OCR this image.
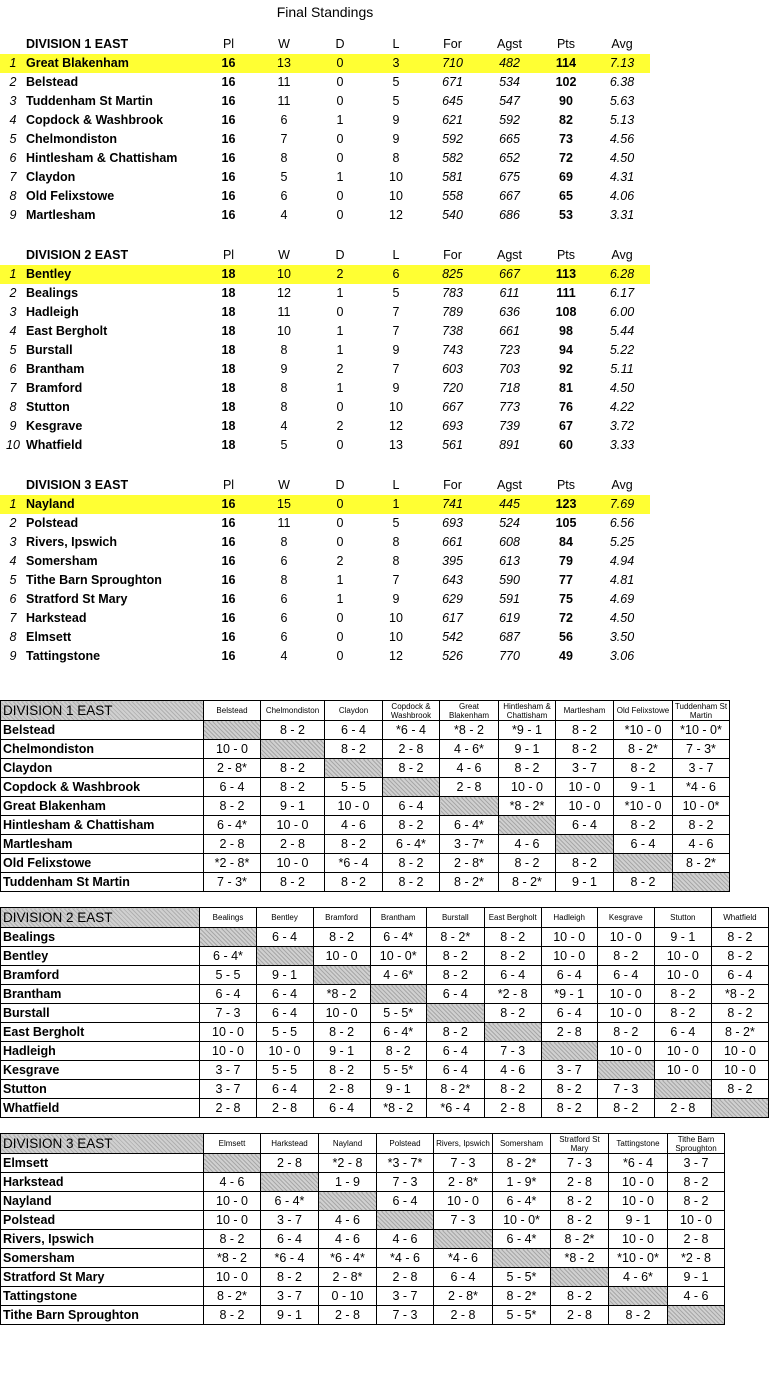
Final Standings
	DIVISION 1 EAST	Pl	W	D	L	For	Agst	Pts	Avg
1	Great Blakenham	16	13	0	3	710	482	114	7.13
2	Belstead	16	11	0	5	671	534	102	6.38
3	Tuddenham St Martin	16	11	0	5	645	547	90	5.63
4	Copdock & Washbrook	16	6	1	9	621	592	82	5.13
5	Chelmondiston	16	7	0	9	592	665	73	4.56
6	Hintlesham & Chattisham	16	8	0	8	582	652	72	4.50
7	Claydon	16	5	1	10	581	675	69	4.31
8	Old Felixstowe	16	6	0	10	558	667	65	4.06
9	Martlesham	16	4	0	12	540	686	53	3.31
	DIVISION 2 EAST	Pl	W	D	L	For	Agst	Pts	Avg
1	Bentley	18	10	2	6	825	667	113	6.28
2	Bealings	18	12	1	5	783	611	111	6.17
3	Hadleigh	18	11	0	7	789	636	108	6.00
4	East Bergholt	18	10	1	7	738	661	98	5.44
5	Burstall	18	8	1	9	743	723	94	5.22
6	Brantham	18	9	2	7	603	703	92	5.11
7	Bramford	18	8	1	9	720	718	81	4.50
8	Stutton	18	8	0	10	667	773	76	4.22
9	Kesgrave	18	4	2	12	693	739	67	3.72
10	Whatfield	18	5	0	13	561	891	60	3.33
	DIVISION 3 EAST	Pl	W	D	L	For	Agst	Pts	Avg
1	Nayland	16	15	0	1	741	445	123	7.69
2	Polstead	16	11	0	5	693	524	105	6.56
3	Rivers, Ipswich	16	8	0	8	661	608	84	5.25
4	Somersham	16	6	2	8	395	613	79	4.94
5	Tithe Barn Sproughton	16	8	1	7	643	590	77	4.81
6	Stratford St Mary	16	6	1	9	629	591	75	4.69
7	Harkstead	16	6	0	10	617	619	72	4.50
8	Elmsett	16	6	0	10	542	687	56	3.50
9	Tattingstone	16	4	0	12	526	770	49	3.06
DIVISION 1 EAST	Belstead	Chelmondiston	Claydon	Copdock & Washbrook	Great Blakenham	Hintlesham & Chattisham	Martlesham	Old Felixstowe	Tuddenham St Martin
Belstead		8 - 2	6 - 4	*6 - 4	*8 - 2	*9 - 1	8 - 2	*10 - 0	*10 - 0*
Chelmondiston	10 - 0		8 - 2	2 - 8	4 - 6*	9 - 1	8 - 2	8 - 2*	7 - 3*
Claydon	2 - 8*	8 - 2		8 - 2	4 - 6	8 - 2	3 - 7	8 - 2	3 - 7
Copdock & Washbrook	6 - 4	8 - 2	5 - 5		2 - 8	10 - 0	10 - 0	9 - 1	*4 - 6
Great Blakenham	8 - 2	9 - 1	10 - 0	6 - 4		*8 - 2*	10 - 0	*10 - 0	10 - 0*
Hintlesham & Chattisham	6 - 4*	10 - 0	4 - 6	8 - 2	6 - 4*		6 - 4	8 - 2	8 - 2
Martlesham	2 - 8	2 - 8	8 - 2	6 - 4*	3 - 7*	4 - 6		6 - 4	4 - 6
Old Felixstowe	*2 - 8*	10 - 0	*6 - 4	8 - 2	2 - 8*	8 - 2	8 - 2		8 - 2*
Tuddenham St Martin	7 - 3*	8 - 2	8 - 2	8 - 2	8 - 2*	8 - 2*	9 - 1	8 - 2	
DIVISION 2 EAST	Bealings	Bentley	Bramford	Brantham	Burstall	East Bergholt	Hadleigh	Kesgrave	Stutton	Whatfield
Bealings		6 - 4	8 - 2	6 - 4*	8 - 2*	8 - 2	10 - 0	10 - 0	9 - 1	8 - 2
Bentley	6 - 4*		10 - 0	10 - 0*	8 - 2	8 - 2	10 - 0	8 - 2	10 - 0	8 - 2
Bramford	5 - 5	9 - 1		4 - 6*	8 - 2	6 - 4	6 - 4	6 - 4	10 - 0	6 - 4
Brantham	6 - 4	6 - 4	*8 - 2		6 - 4	*2 - 8	*9 - 1	10 - 0	8 - 2	*8 - 2
Burstall	7 - 3	6 - 4	10 - 0	5 - 5*		8 - 2	6 - 4	10 - 0	8 - 2	8 - 2
East Bergholt	10 - 0	5 - 5	8 - 2	6 - 4*	8 - 2		2 - 8	8 - 2	6 - 4	8 - 2*
Hadleigh	10 - 0	10 - 0	9 - 1	8 - 2	6 - 4	7 - 3		10 - 0	10 - 0	10 - 0
Kesgrave	3 - 7	5 - 5	8 - 2	5 - 5*	6 - 4	4 - 6	3 - 7		10 - 0	10 - 0
Stutton	3 - 7	6 - 4	2 - 8	9 - 1	8 - 2*	8 - 2	8 - 2	7 - 3		8 - 2
Whatfield	2 - 8	2 - 8	6 - 4	*8 - 2	*6 - 4	2 - 8	8 - 2	8 - 2	2 - 8	
DIVISION 3 EAST	Elmsett	Harkstead	Nayland	Polstead	Rivers, Ipswich	Somersham	Stratford St Mary	Tattingstone	Tithe Barn Sproughton
Elmsett		2 - 8	*2 - 8	*3 - 7*	7 - 3	8 - 2*	7 - 3	*6 - 4	3 - 7
Harkstead	4 - 6		1 - 9	7 - 3	2 - 8*	1 - 9*	2 - 8	10 - 0	8 - 2
Nayland	10 - 0	6 - 4*		6 - 4	10 - 0	6 - 4*	8 - 2	10 - 0	8 - 2
Polstead	10 - 0	3 - 7	4 - 6		7 - 3	10 - 0*	8 - 2	9 - 1	10 - 0
Rivers, Ipswich	8 - 2	6 - 4	4 - 6	4 - 6		6 - 4*	8 - 2*	10 - 0	2 - 8
Somersham	*8 - 2	*6 - 4	*6 - 4*	*4 - 6	*4 - 6		*8 - 2	*10 - 0*	*2 - 8
Stratford St Mary	10 - 0	8 - 2	2 - 8*	2 - 8	6 - 4	5 - 5*		4 - 6*	9 - 1
Tattingstone	8 - 2*	3 - 7	0 - 10	3 - 7	2 - 8*	8 - 2*	8 - 2		4 - 6
Tithe Barn Sproughton	8 - 2	9 - 1	2 - 8	7 - 3	2 - 8	5 - 5*	2 - 8	8 - 2	
